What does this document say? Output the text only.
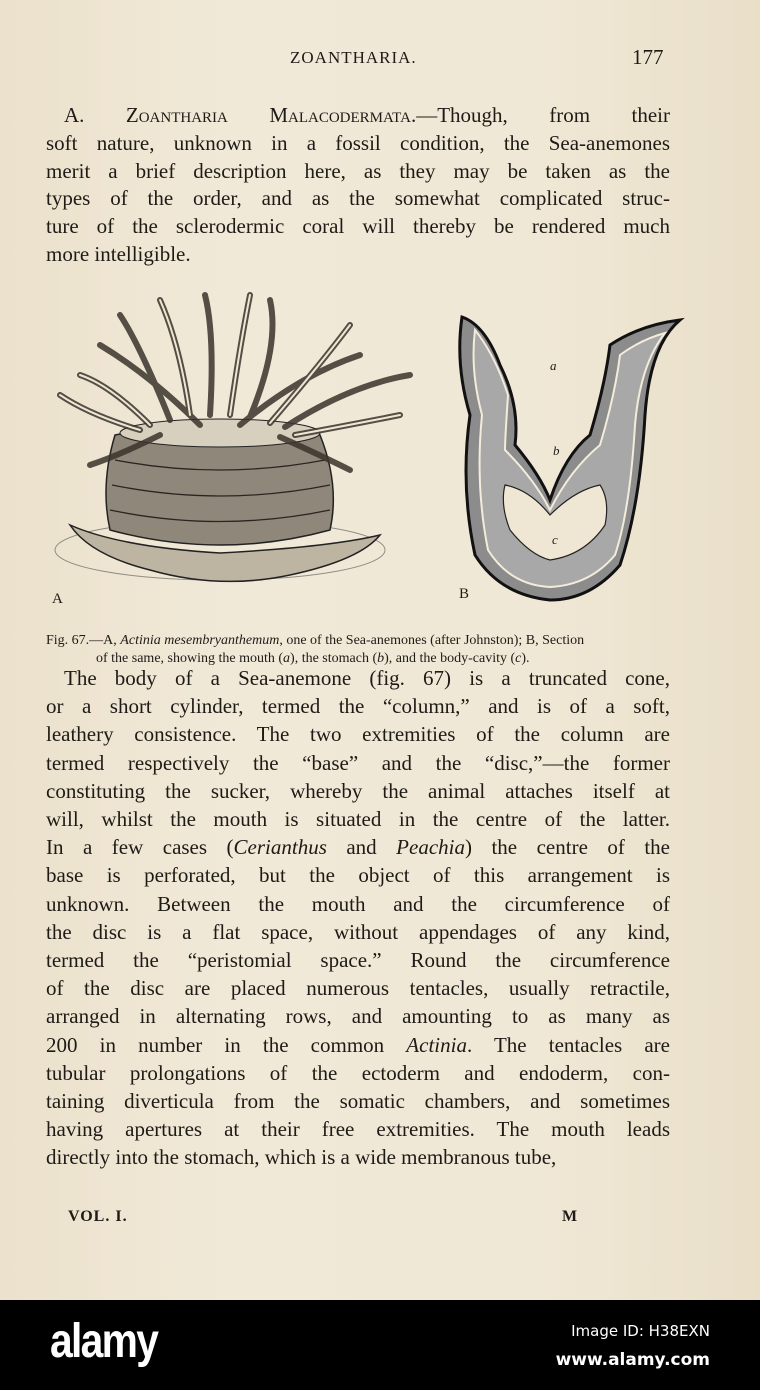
ZOANTHARIA.	177
A. Zoantharia Malacodermata.—Though, from their
soft nature, unknown in a fossil condition, the Sea-anemones
merit a brief description here, as they may be taken as the
types of the order, and as the somewhat complicated struc-
ture of the sclerodermic coral will thereby be rendered much
more intelligible.
A	B
a
b
c
Fig. 67.—A, Actinia mesembryanthemum, one of the Sea-anemones (after Johnston); B, Section
of the same, showing the mouth (a), the stomach (b), and the body-cavity (c).
The body of a Sea-anemone (fig. 67) is a truncated cone,
or a short cylinder, termed the “column,” and is of a soft,
leathery consistence. The two extremities of the column are
termed respectively the “base” and the “disc,”—the former
constituting the sucker, whereby the animal attaches itself at
will, whilst the mouth is situated in the centre of the latter.
In a few cases (Cerianthus and Peachia) the centre of the
base is perforated, but the object of this arrangement is
unknown. Between the mouth and the circumference of
the disc is a flat space, without appendages of any kind,
termed the “peristomial space.” Round the circumference
of the disc are placed numerous tentacles, usually retractile,
arranged in alternating rows, and amounting to as many as
200 in number in the common Actinia. The tentacles are
tubular prolongations of the ectoderm and endoderm, con-
taining diverticula from the somatic chambers, and sometimes
having apertures at their free extremities. The mouth leads
directly into the stomach, which is a wide membranous tube,
VOL. I.	M
alamy	Image ID: H38EXN
www.alamy.com
